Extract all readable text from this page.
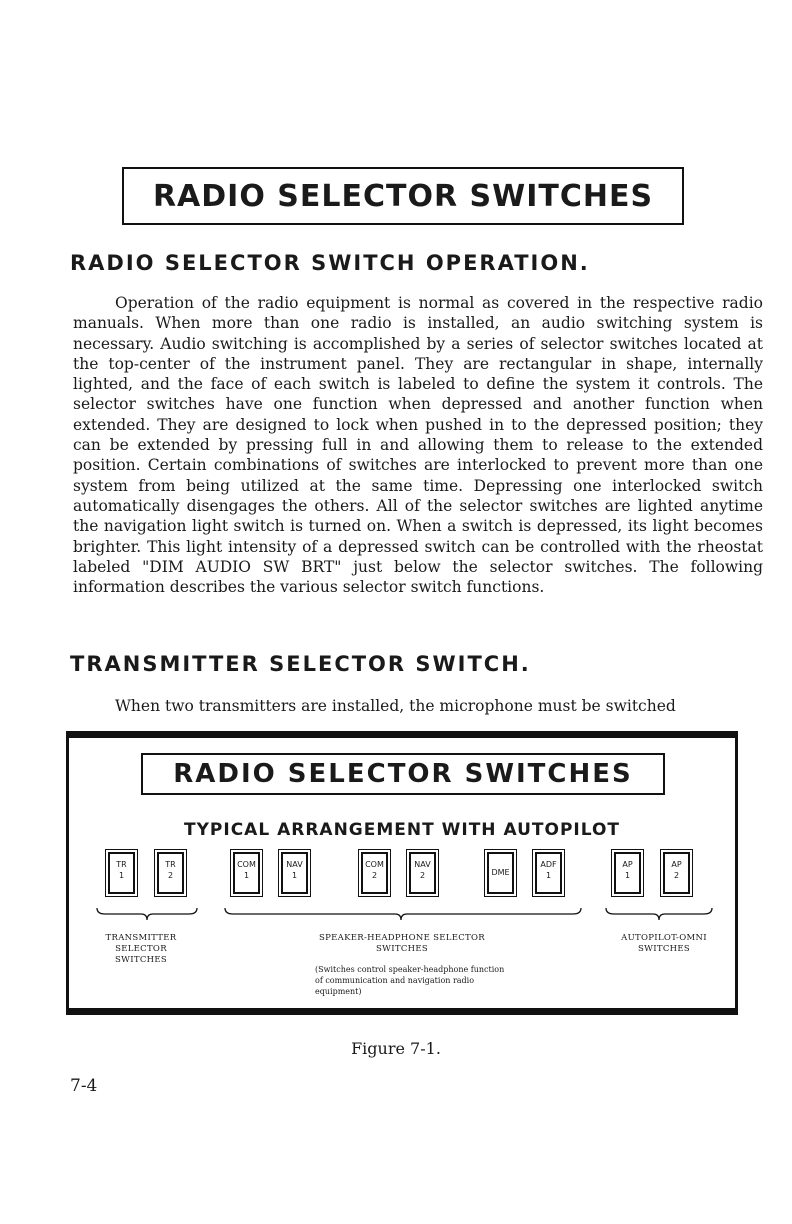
RADIO SELECTOR SWITCHES
RADIO SELECTOR SWITCH OPERATION.

Operation of the radio equipment is normal as covered in the respective radio manuals. When more than one radio is installed, an audio switching system is necessary. Audio switching is accomplished by a series of selector switches located at the top-center of the instrument panel. They are rectangular in shape, internally lighted, and the face of each switch is labeled to define the system it controls. The selector switches have one function when depressed and another function when extended. They are designed to lock when pushed in to the depressed position; they can be extended by pressing full in and allowing them to release to the extended position. Certain combinations of switches are interlocked to prevent more than one system from being utilized at the same time. Depressing one interlocked switch automatically disengages the others. All of the selector switches are lighted anytime the navigation light switch is turned on. When a switch is depressed, its light becomes brighter. This light intensity of a depressed switch can be controlled with the rheostat labeled "DIM AUDIO SW BRT" just below the selector switches. The following information describes the various selector switch functions.

TRANSMITTER SELECTOR SWITCH.

When two transmitters are installed, the microphone must be switched

RADIO SELECTOR SWITCHES
TYPICAL ARRANGEMENT WITH AUTOPILOT
TR
1
TR
2
COM
1
NAV
1
COM
2
NAV
2	DME
ADF
1
AP
1
AP
2
TRANSMITTER SELECTOR SWITCHES
SPEAKER-HEADPHONE SELECTOR SWITCHES
AUTOPILOT-OMNI SWITCHES
(Switches control speaker-headphone function of communication and navigation radio equipment)
Figure 7-1.
7-4
